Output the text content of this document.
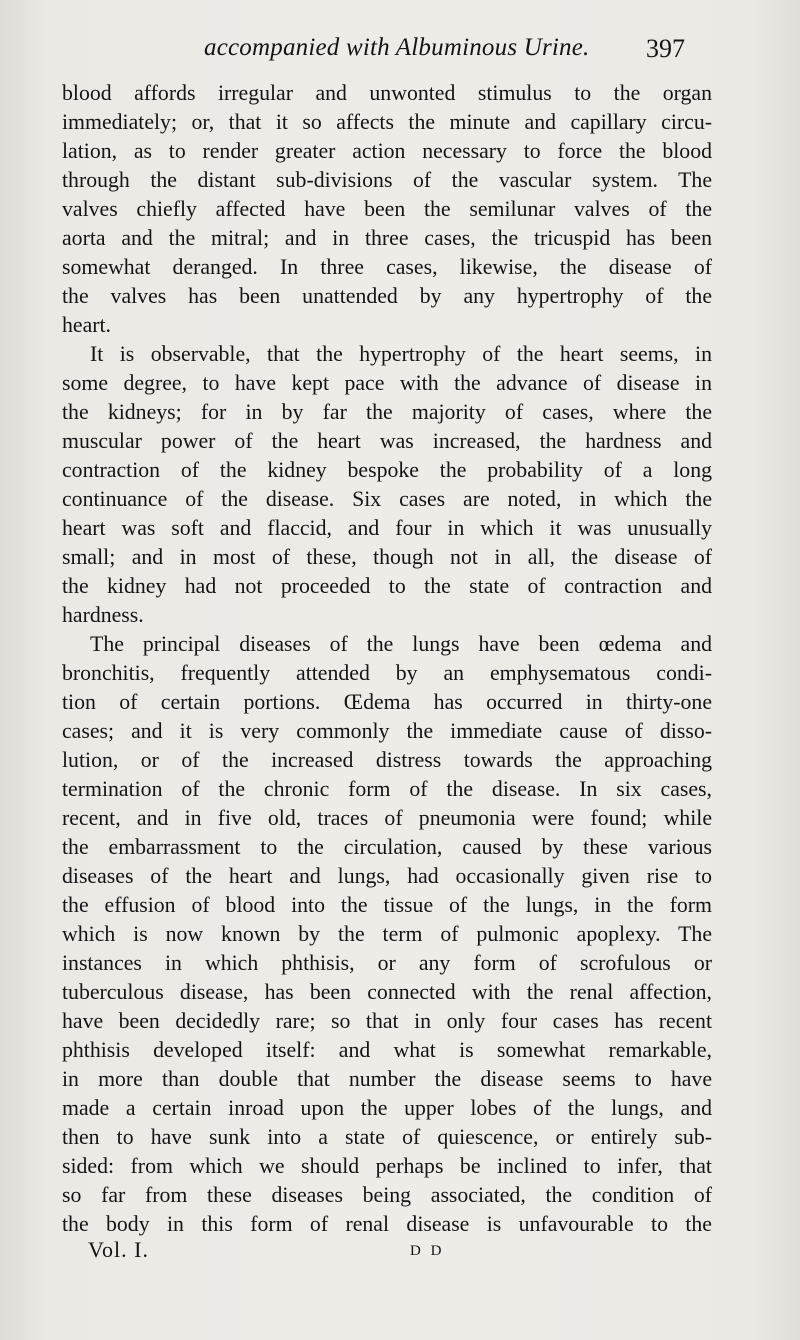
accompanied with Albuminous Urine. 397

blood affords irregular and unwonted stimulus to the organ
immediately; or, that it so affects the minute and capillary circu-
lation, as to render greater action necessary to force the blood
through the distant sub-divisions of the vascular system. The
valves chiefly affected have been the semilunar valves of the
aorta and the mitral; and in three cases, the tricuspid has been
somewhat deranged. In three cases, likewise, the disease of
the valves has been unattended by any hypertrophy of the
heart.

It is observable, that the hypertrophy of the heart seems, in
some degree, to have kept pace with the advance of disease in
the kidneys; for in by far the majority of cases, where the
muscular power of the heart was increased, the hardness and
contraction of the kidney bespoke the probability of a long
continuance of the disease. Six cases are noted, in which the
heart was soft and flaccid, and four in which it was unusually
small; and in most of these, though not in all, the disease of
the kidney had not proceeded to the state of contraction and
hardness.

The principal diseases of the lungs have been œdema and
bronchitis, frequently attended by an emphysematous condi-
tion of certain portions. Œdema has occurred in thirty-one
cases; and it is very commonly the immediate cause of disso-
lution, or of the increased distress towards the approaching
termination of the chronic form of the disease. In six cases,
recent, and in five old, traces of pneumonia were found; while
the embarrassment to the circulation, caused by these various
diseases of the heart and lungs, had occasionally given rise to
the effusion of blood into the tissue of the lungs, in the form
which is now known by the term of pulmonic apoplexy. The
instances in which phthisis, or any form of scrofulous or
tuberculous disease, has been connected with the renal affection,
have been decidedly rare; so that in only four cases has recent
phthisis developed itself: and what is somewhat remarkable,
in more than double that number the disease seems to have
made a certain inroad upon the upper lobes of the lungs, and
then to have sunk into a state of quiescence, or entirely sub-
sided: from which we should perhaps be inclined to infer, that
so far from these diseases being associated, the condition of
the body in this form of renal disease is unfavourable to the

Vol. I.	D D
